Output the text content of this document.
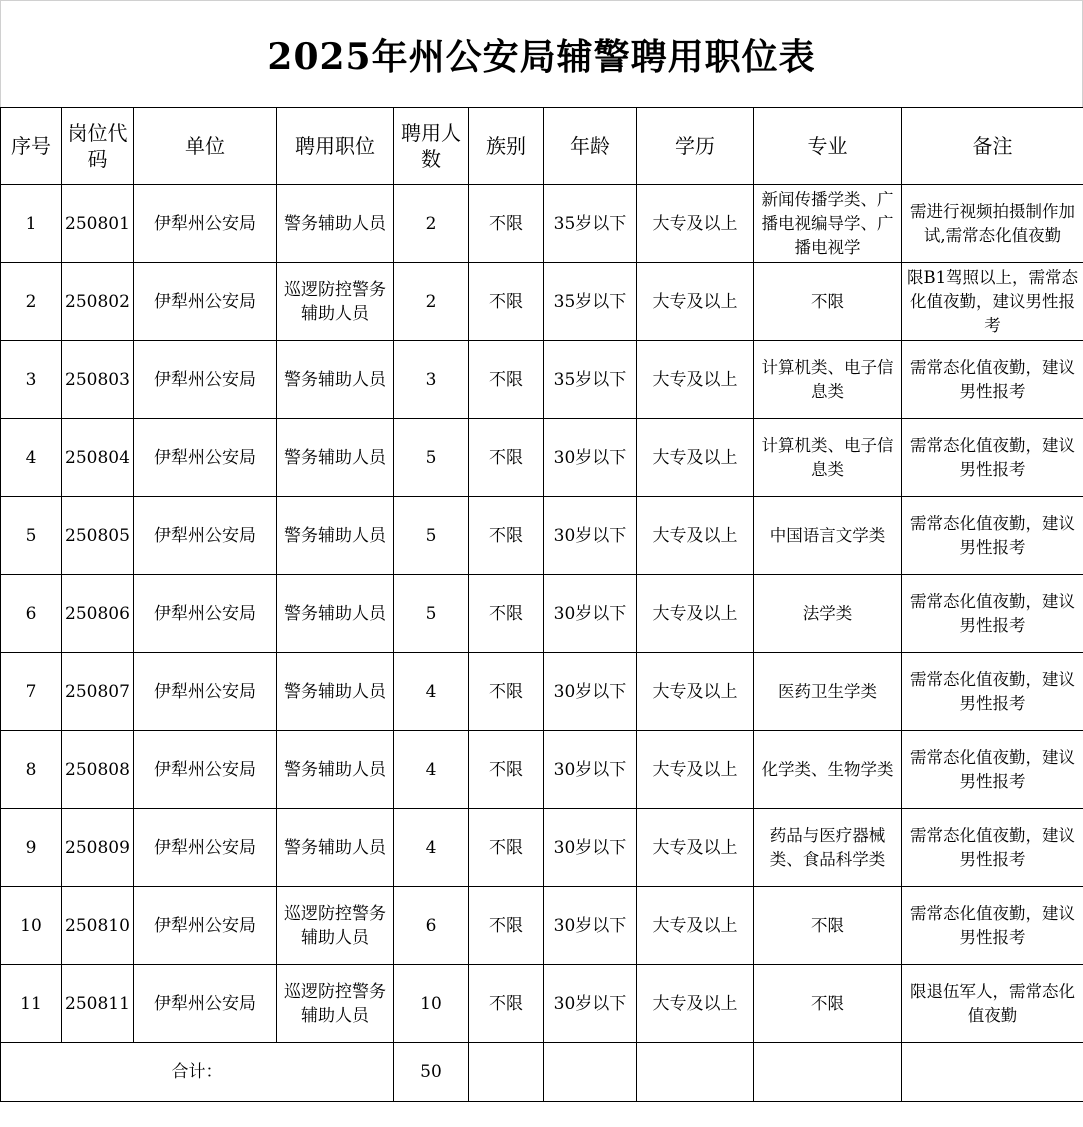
2025年州公安局辅警聘用职位表
序号	岗位代码	单位	聘用职位	聘用人数	族别	年龄	学历	专业	备注
1	250801	伊犁州公安局	警务辅助人员	2	不限	35岁以下	大专及以上	新闻传播学类、广播电视编导学、广播电视学	需进行视频拍摄制作加试,需常态化值夜勤
2	250802	伊犁州公安局	巡逻防控警务辅助人员	2	不限	35岁以下	大专及以上	不限	限B1驾照以上，需常态化值夜勤，建议男性报考
3	250803	伊犁州公安局	警务辅助人员	3	不限	35岁以下	大专及以上	计算机类、电子信息类	需常态化值夜勤，建议男性报考
4	250804	伊犁州公安局	警务辅助人员	5	不限	30岁以下	大专及以上	计算机类、电子信息类	需常态化值夜勤，建议男性报考
5	250805	伊犁州公安局	警务辅助人员	5	不限	30岁以下	大专及以上	中国语言文学类	需常态化值夜勤，建议男性报考
6	250806	伊犁州公安局	警务辅助人员	5	不限	30岁以下	大专及以上	法学类	需常态化值夜勤，建议男性报考
7	250807	伊犁州公安局	警务辅助人员	4	不限	30岁以下	大专及以上	医药卫生学类	需常态化值夜勤，建议男性报考
8	250808	伊犁州公安局	警务辅助人员	4	不限	30岁以下	大专及以上	化学类、生物学类	需常态化值夜勤，建议男性报考
9	250809	伊犁州公安局	警务辅助人员	4	不限	30岁以下	大专及以上	药品与医疗器械类、食品科学类	需常态化值夜勤，建议男性报考
10	250810	伊犁州公安局	巡逻防控警务辅助人员	6	不限	30岁以下	大专及以上	不限	需常态化值夜勤，建议男性报考
11	250811	伊犁州公安局	巡逻防控警务辅助人员	10	不限	30岁以下	大专及以上	不限	限退伍军人，需常态化值夜勤
合计：				50					
